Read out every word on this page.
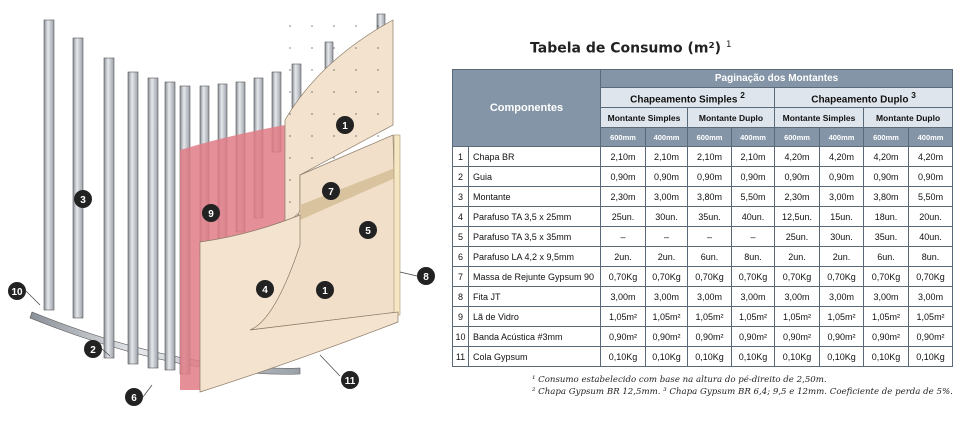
1
1
2
3
4
5
6
7
8
9
10
11
Tabela de Consumo (m²) $^1$
Componentes		Paginação dos Montantes							
		Chapeamento Simples $^2$				Chapeamento Duplo $^3$
		Montante Simples		Montante Duplo		Montante Simples		Montante Duplo	
		600mm	400mm	600mm	400mm	600mm	400mm	600mm	400mm
1	Chapa BR	2,10m	2,10m	2,10m	2,10m	4,20m	4,20m	4,20m	4,20m
2	Guia	0,90m	0,90m	0,90m	0,90m	0,90m	0,90m	0,90m	0,90m
3	Montante	2,30m	3,00m	3,80m	5,50m	2,30m	3,00m	3,80m	5,50m
4	Parafuso TA 3,5 x 25mm	25un.	30un.	35un.	40un.	12,5un.	15un.	18un.	20un.
5	Parafuso TA 3,5 x 35mm	–	–	–	–	25un.	30un.	35un.	40un.
6	Parafuso LA 4,2 x 9,5mm	2un.	2un.	6un.	8un.	2un.	2un.	6un.	8un.
7	Massa de Rejunte Gypsum 90	0,70Kg	0,70Kg	0,70Kg	0,70Kg	0,70Kg	0,70Kg	0,70Kg	0,70Kg
8	Fita JT	3,00m	3,00m	3,00m	3,00m	3,00m	3,00m	3,00m	3,00m
9	Lã de Vidro	1,05m²	1,05m²	1,05m²	1,05m²	1,05m²	1,05m²	1,05m²	1,05m²
10	Banda Acústica #3mm	0,90m²	0,90m²	0,90m²	0,90m²	0,90m²	0,90m²	0,90m²	0,90m²
11	Cola Gypsum	0,10Kg	0,10Kg	0,10Kg	0,10Kg	0,10Kg	0,10Kg	0,10Kg	0,10Kg
¹ Consumo estabelecido com base na altura do pé-direito de 2,50m.
² Chapa Gypsum BR 12,5mm. ³ Chapa Gypsum BR 6,4; 9,5 e 12mm. Coeficiente de perda de 5%.
